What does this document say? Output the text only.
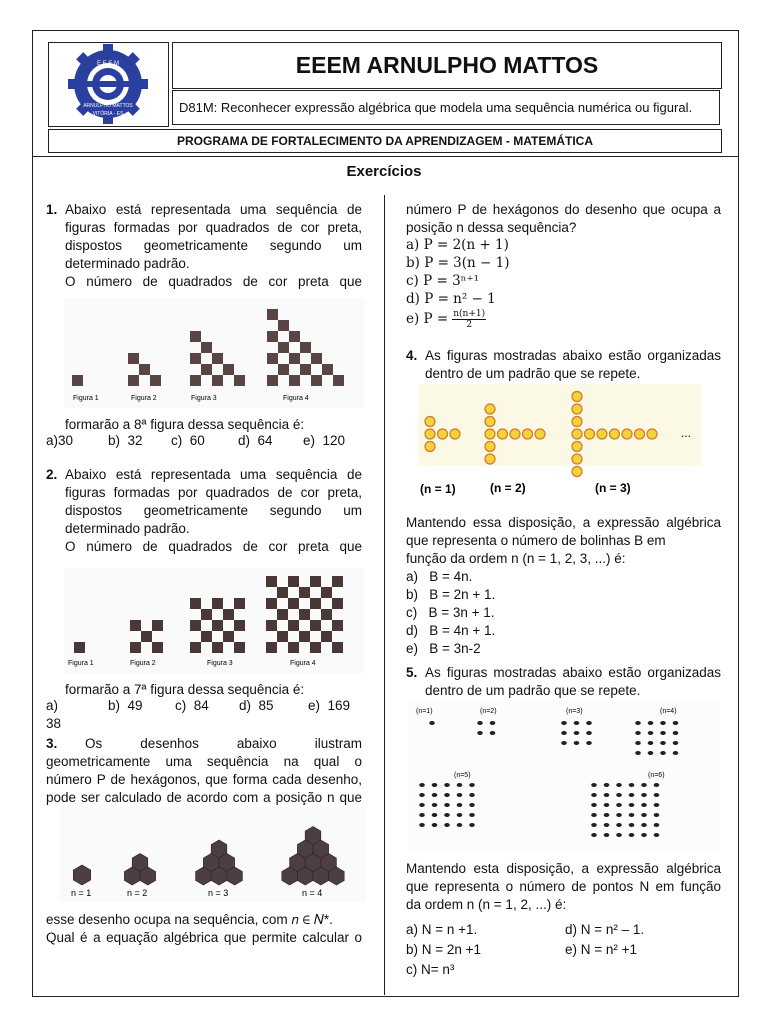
E E E M
ARNULPHO MATTOS
VITÓRIA - ES
EEEM ARNULPHO MATTOS
D81M: Reconhecer expressão algébrica que modela uma sequência numérica ou figural.
PROGRAMA DE FORTALECIMENTO DA APRENDIZAGEM - MATEMÁTICA
Exercícios
1. Abaixo está representada uma sequência de
figuras formadas por quadrados de cor preta,
dispostos geometricamente segundo um
determinado padrão.
O número de quadrados de cor preta que
Figura 1	Figura 2	Figura 3	Figura 4
formarão a 8ª figura dessa sequência é:
a)30	b)  32 c)  60 d)  64 e)  120
2. Abaixo está representada uma sequência de
figuras formadas por quadrados de cor preta,
dispostos geometricamente segundo um
determinado padrão.
O número de quadrados de cor preta que
Figura 1	Figura 2	Figura 3	Figura 4
formarão a 7ª figura dessa sequência é:
a) 38
b)  49 c)  84 d)  85	e)  169
3. Os desenhos abaixo ilustram
geometricamente uma sequência na qual o
número P de hexágonos, que forma cada desenho,
pode ser calculado de acordo com a posição n que
n = 1	n = 2	n = 3	n = 4
esse desenho ocupa na sequência, com 𝑛 ∈ 𝑁*.
Qual é a equação algébrica que permite calcular o
número P de hexágonos do desenho que ocupa a
posição n dessa sequência?
a) P = 2(n + 1)
b) P = 3(n − 1)
c) P = 3ⁿ⁺¹
d) P = n² − 1
e) $P = \frac{n(n+1)}{2}$
4. As figuras mostradas abaixo estão organizadas
dentro de um padrão que se repete.
...
(n = 1)	(n = 2)	(n = 3)
Mantendo essa disposição, a expressão algébrica
que representa o número de bolinhas B em
função da ordem n (n = 1, 2, 3, ...) é:
a)   B = 4n.
b)   B = 2n + 1.
c)   B = 3n + 1.
d)   B = 4n + 1.
e)   B = 3n-2
5. As figuras mostradas abaixo estão organizadas
dentro de um padrão que se repete.
(n=1)	(n=2)	(n=3)	(n=4)
(n=5)	(n=6)
Mantendo esta disposição, a expressão algébrica
que representa o número de pontos N em função
da ordem n (n = 1, 2, ...) é:
a) N = n +1.	d) N = n² – 1.
b) N = 2n +1	e) N = n² +1
c) N= n³
